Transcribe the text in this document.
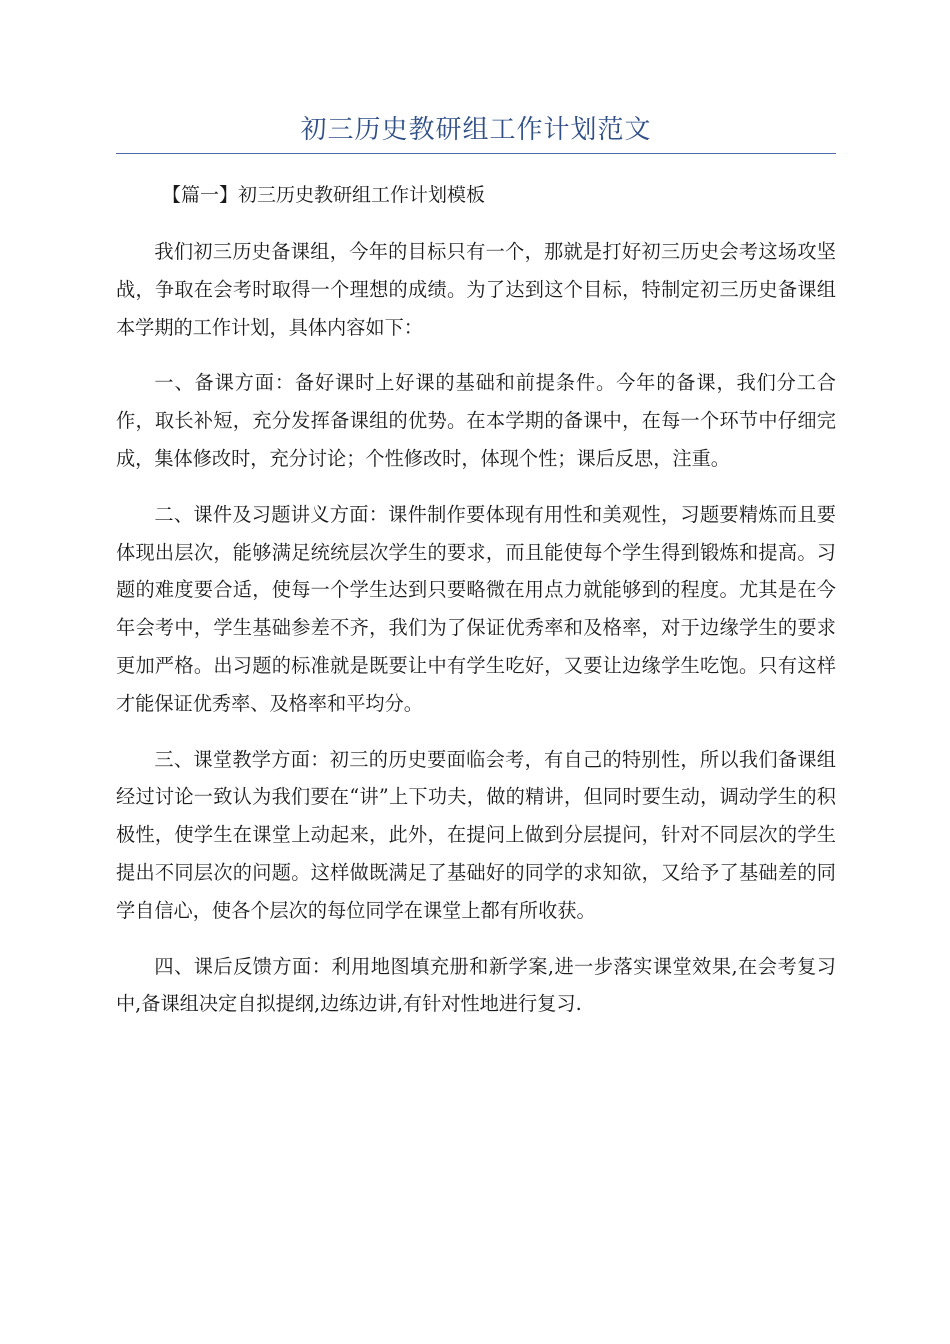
初三历史教研组工作计划范文
【篇一】初三历史教研组工作计划模板

我们初三历史备课组，今年的目标只有一个，那就是打好初三历史会考这场攻坚战，争取在会考时取得一个理想的成绩。为了达到这个目标，特制定初三历史备课组本学期的工作计划，具体内容如下：

一、备课方面：备好课时上好课的基础和前提条件。今年的备课，我们分工合作，取长补短，充分发挥备课组的优势。在本学期的备课中，在每一个环节中仔细完成，集体修改时，充分讨论；个性修改时，体现个性；课后反思，注重。

二、课件及习题讲义方面：课件制作要体现有用性和美观性，习题要精炼而且要体现出层次，能够满足统统层次学生的要求，而且能使每个学生得到锻炼和提高。习题的难度要合适，使每一个学生达到只要略微在用点力就能够到的程度。尤其是在今年会考中，学生基础参差不齐，我们为了保证优秀率和及格率，对于边缘学生的要求更加严格。出习题的标准就是既要让中有学生吃好，又要让边缘学生吃饱。只有这样才能保证优秀率、及格率和平均分。

三、课堂教学方面：初三的历史要面临会考，有自己的特别性，所以我们备课组经过讨论一致认为我们要在“讲”上下功夫，做的精讲，但同时要生动，调动学生的积极性，使学生在课堂上动起来，此外，在提问上做到分层提问，针对不同层次的学生提出不同层次的问题。这样做既满足了基础好的同学的求知欲，又给予了基础差的同学自信心，使各个层次的每位同学在课堂上都有所收获。

四、课后反馈方面：利用地图填充册和新学案,进一步落实课堂效果,在会考复习中,备课组决定自拟提纲,边练边讲,有针对性地进行复习.
